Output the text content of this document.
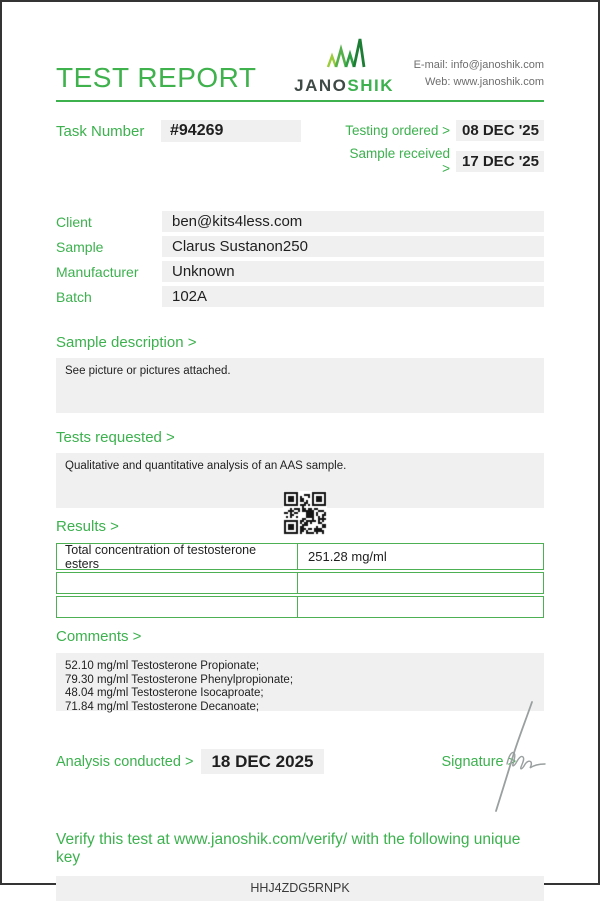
TEST REPORT JANOSHIK
E-mail: info@janoshik.com
Web: www.janoshik.com
Task Number	#94269	Testing ordered > 08 DEC '25
Sample received > 17 DEC '25
Client	ben@kits4less.com
Sample	Clarus Sustanon250
Manufacturer	Unknown
Batch	102A
Sample description >
See picture or pictures attached.
Tests requested >
Qualitative and quantitative analysis of an AAS sample.
Results >
Total concentration of testosterone esters	251.28 mg/ml
Comments >
52.10 mg/ml Testosterone Propionate;
79.30 mg/ml Testosterone Phenylpropionate;
48.04 mg/ml Testosterone Isocaproate;
71.84 mg/ml Testosterone Decanoate;
Analysis conducted >	18 DEC 2025	Signature >
Verify this test at www.janoshik.com/verify/ with the following unique key
HHJ4ZDG5RNPK
